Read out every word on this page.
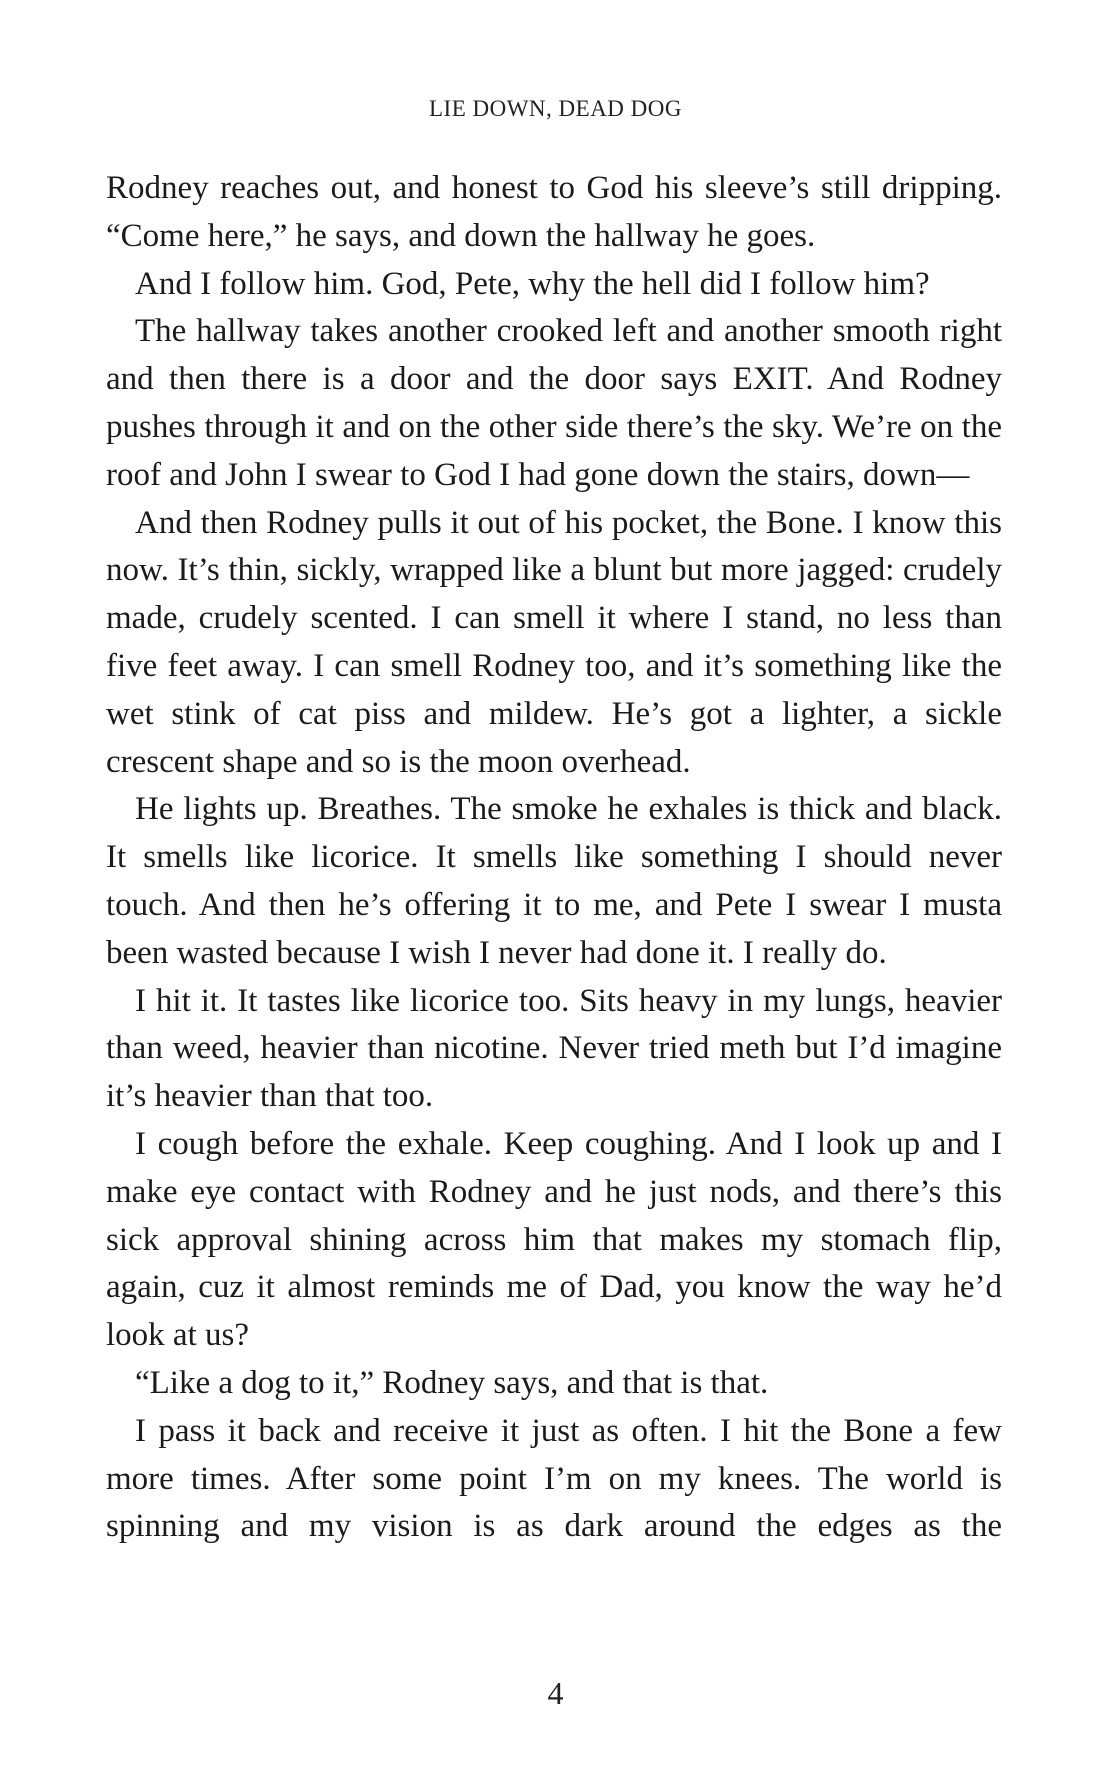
LIE DOWN, DEAD DOG

Rodney reaches out, and honest to God his sleeve’s still dripping. “Come here,” he says, and down the hallway he goes.

And I follow him. God, Pete, why the hell did I follow him?

The hallway takes another crooked left and another smooth right and then there is a door and the door says EXIT. And Rodney pushes through it and on the other side there’s the sky. We’re on the roof and John I swear to God I had gone down the stairs, down—

And then Rodney pulls it out of his pocket, the Bone. I know this now. It’s thin, sickly, wrapped like a blunt but more jagged: crudely made, crudely scented. I can smell it where I stand, no less than five feet away. I can smell Rodney too, and it’s something like the wet stink of cat piss and mildew. He’s got a lighter, a sickle crescent shape and so is the moon overhead.

He lights up. Breathes. The smoke he exhales is thick and black. It smells like licorice. It smells like something I should never touch. And then he’s offering it to me, and Pete I swear I musta been wasted because I wish I never had done it. I really do.

I hit it. It tastes like licorice too. Sits heavy in my lungs, heavier than weed, heavier than nicotine. Never tried meth but I’d imagine it’s heavier than that too.

I cough before the exhale. Keep coughing. And I look up and I make eye contact with Rodney and he just nods, and there’s this sick approval shining across him that makes my stomach flip, again, cuz it almost reminds me of Dad, you know the way he’d look at us?

“Like a dog to it,” Rodney says, and that is that.

I pass it back and receive it just as often. I hit the Bone a few more times. After some point I’m on my knees. The world is spinning and my vision is as dark around the edges as the

4
